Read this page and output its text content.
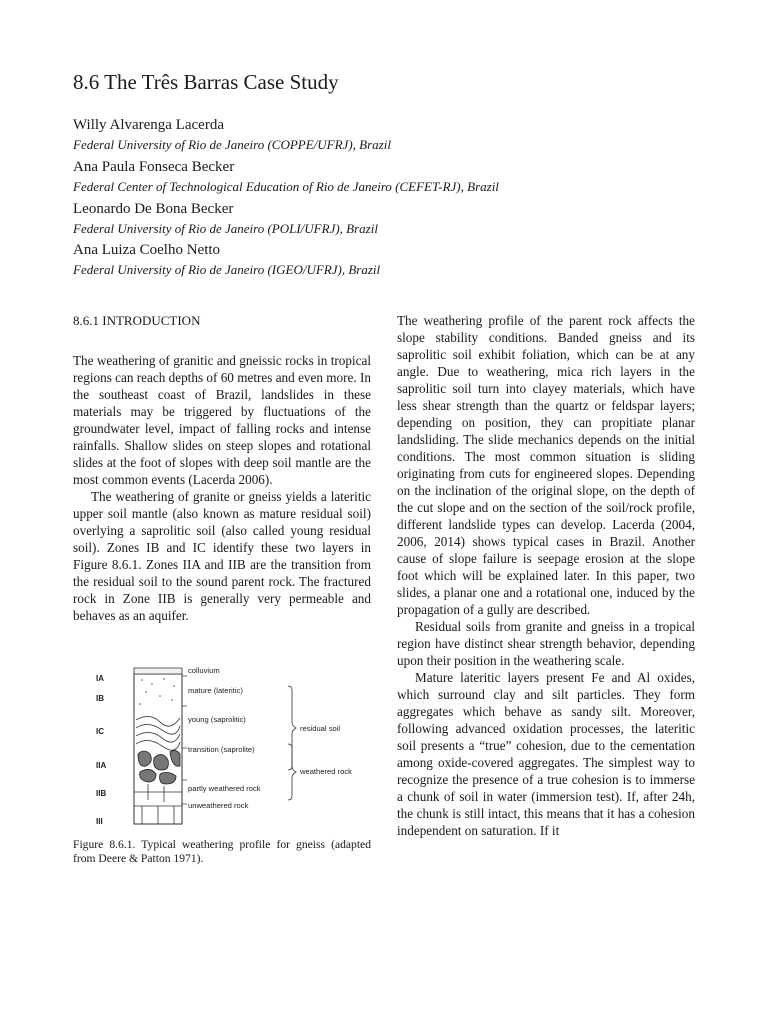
8.6 The Três Barras Case Study

Willy Alvarenga Lacerda

Federal University of Rio de Janeiro (COPPE/UFRJ), Brazil

Ana Paula Fonseca Becker

Federal Center of Technological Education of Rio de Janeiro (CEFET-RJ), Brazil

Leonardo De Bona Becker

Federal University of Rio de Janeiro (POLI/UFRJ), Brazil

Ana Luiza Coelho Netto

Federal University of Rio de Janeiro (IGEO/UFRJ), Brazil

8.6.1 INTRODUCTION

The weathering of granitic and gneissic rocks in tropical regions can reach depths of 60 metres and even more. In the southeast coast of Brazil, landslides in these materials may be triggered by fluctuations of the groundwater level, impact of falling rocks and intense rainfalls. Shallow slides on steep slopes and rotational slides at the foot of slopes with deep soil mantle are the most common events (Lacerda 2006).

The weathering of granite or gneiss yields a lateritic upper soil mantle (also known as mature residual soil) overlying a saprolitic soil (also called young residual soil). Zones IB and IC identify these two layers in Figure 8.6.1. Zones IIA and IIB are the transition from the residual soil to the sound parent rock. The fractured rock in Zone IIB is generally very permeable and behaves as an aquifer.

IA
IB
IC
IIA
IIB
III
colluvium
mature (lateritic)
young (saprolitic)
transition (saprolite)
partly weathered rock
unweathered rock
residual soil
weathered rock

Figure 8.6.1. Typical weathering profile for gneiss (adapted from Deere & Patton 1971).

The weathering profile of the parent rock affects the slope stability conditions. Banded gneiss and its saprolitic soil exhibit foliation, which can be at any angle. Due to weathering, mica rich layers in the saprolitic soil turn into clayey materials, which have less shear strength than the quartz or feldspar layers; depending on position, they can propitiate planar landsliding. The slide mechanics depends on the initial conditions. The most common situation is sliding originating from cuts for engineered slopes. Depending on the inclination of the original slope, on the depth of the cut slope and on the section of the soil/rock profile, different landslide types can develop. Lacerda (2004, 2006, 2014) shows typical cases in Brazil. Another cause of slope failure is seepage erosion at the slope foot which will be explained later. In this paper, two slides, a planar one and a rotational one, induced by the propagation of a gully are described.

Residual soils from granite and gneiss in a tropical region have distinct shear strength behavior, depending upon their position in the weathering scale.

Mature lateritic layers present Fe and Al oxides, which surround clay and silt particles. They form aggregates which behave as sandy silt. Moreover, following advanced oxidation processes, the lateritic soil presents a “true” cohesion, due to the cementation among oxide-covered aggregates. The simplest way to recognize the presence of a true cohesion is to immerse a chunk of soil in water (immersion test). If, after 24h, the chunk is still intact, this means that it has a cohesion independent on saturation. If it
